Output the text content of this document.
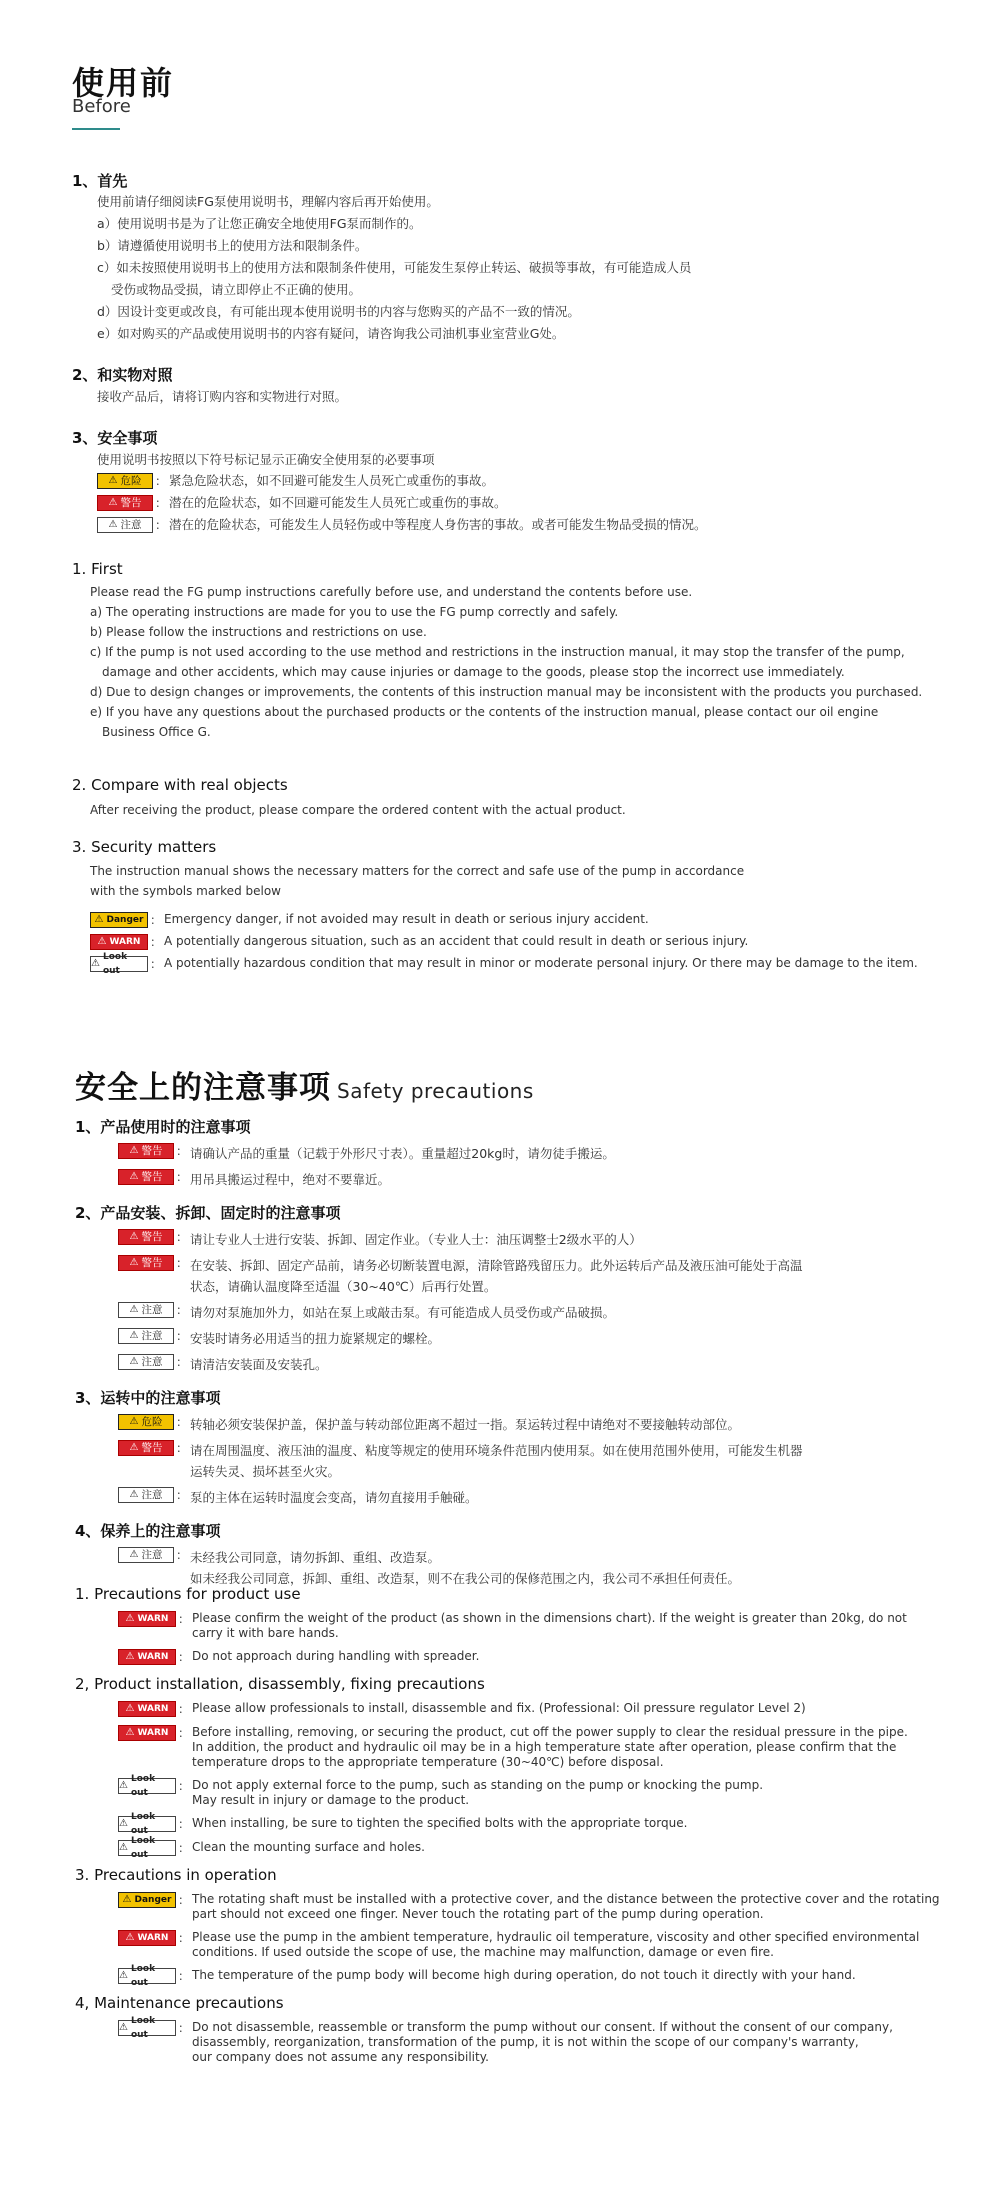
使用前
Before
1、首先
使用前请仔细阅读FG泵使用说明书，理解内容后再开始使用。
a）使用说明书是为了让您正确安全地使用FG泵而制作的。
b）请遵循使用说明书上的使用方法和限制条件。
c）如未按照使用说明书上的使用方法和限制条件使用，可能发生泵停止转运、破损等事故，有可能造成人员
受伤或物品受损，请立即停止不正确的使用。
d）因设计变更或改良，有可能出现本使用说明书的内容与您购买的产品不一致的情况。
e）如对购买的产品或使用说明书的内容有疑问，请咨询我公司油机事业室营业G处。
2、和实物对照
接收产品后，请将订购内容和实物进行对照。
3、安全事项
使用说明书按照以下符号标记显示正确安全使用泵的必要事项
⚠ 危险 ： 紧急危险状态，如不回避可能发生人员死亡或重伤的事故。
⚠ 警告 ： 潜在的危险状态，如不回避可能发生人员死亡或重伤的事故。
⚠ 注意 ： 潜在的危险状态，可能发生人员轻伤或中等程度人身伤害的事故。或者可能发生物品受损的情况。
1. First
Please read the FG pump instructions carefully before use, and understand the contents before use.
a) The operating instructions are made for you to use the FG pump correctly and safely.
b) Please follow the instructions and restrictions on use.
c) If the pump is not used according to the use method and restrictions in the instruction manual, it may stop the transfer of the pump,
damage and other accidents, which may cause injuries or damage to the goods, please stop the incorrect use immediately.
d) Due to design changes or improvements, the contents of this instruction manual may be inconsistent with the products you purchased.
e) If you have any questions about the purchased products or the contents of the instruction manual, please contact our oil engine
Business Office G.
2. Compare with real objects
After receiving the product, please compare the ordered content with the actual product.
3. Security matters
The instruction manual shows the necessary matters for the correct and safe use of the pump in accordance
with the symbols marked below
⚠ Danger ： Emergency danger, if not avoided may result in death or serious injury accident.
⚠ WARN ： A potentially dangerous situation, such as an accident that could result in death or serious injury.
⚠
Look out	： A potentially hazardous condition that may result in minor or moderate personal injury. Or there may be damage to the item.
安全上的注意事项 Safety precautions
1、产品使用时的注意事项
⚠ 警告 ： 请确认产品的重量（记载于外形尺寸表）。重量超过20kg时，请勿徒手搬运。
⚠ 警告 ： 用吊具搬运过程中，绝对不要靠近。
2、产品安装、拆卸、固定时的注意事项
⚠ 警告 ： 请让专业人士进行安装、拆卸、固定作业。（专业人士：油压调整士2级水平的人）
⚠ 警告 ： 在安装、拆卸、固定产品前，请务必切断装置电源，清除管路残留压力。此外运转后产品及液压油可能处于高温
状态，请确认温度降至适温（30~40℃）后再行处置。
⚠ 注意 ： 请勿对泵施加外力，如站在泵上或敲击泵。有可能造成人员受伤或产品破损。
⚠ 注意 ： 安装时请务必用适当的扭力旋紧规定的螺栓。
⚠ 注意 ： 请清洁安装面及安装孔。
3、运转中的注意事项
⚠ 危险 ： 转轴必须安装保护盖，保护盖与转动部位距离不超过一指。泵运转过程中请绝对不要接触转动部位。
⚠ 警告 ： 请在周围温度、液压油的温度、粘度等规定的使用环境条件范围内使用泵。如在使用范围外使用，可能发生机器
运转失灵、损坏甚至火灾。
⚠ 注意 ： 泵的主体在运转时温度会变高，请勿直接用手触碰。
4、保养上的注意事项
⚠ 注意 ： 未经我公司同意，请勿拆卸、重组、改造泵。
如未经我公司同意，拆卸、重组、改造泵，则不在我公司的保修范围之内，我公司不承担任何责任。
1. Precautions for product use
⚠ WARN ： Please confirm the weight of the product (as shown in the dimensions chart). If the weight is greater than 20kg, do not
carry it with bare hands.
⚠ WARN ： Do not approach during handling with spreader.
2, Product installation, disassembly, fixing precautions
⚠ WARN ： Please allow professionals to install, disassemble and fix. (Professional: Oil pressure regulator Level 2)
⚠ WARN ： Before installing, removing, or securing the product, cut off the power supply to clear the residual pressure in the pipe.
In addition, the product and hydraulic oil may be in a high temperature state after operation, please confirm that the
temperature drops to the appropriate temperature (30~40℃) before disposal.
⚠
Look out	： Do not apply external force to the pump, such as standing on the pump or knocking the pump.
May result in injury or damage to the product.
⚠
Look out	： When installing, be sure to tighten the specified bolts with the appropriate torque.
⚠
Look out	： Clean the mounting surface and holes.
3. Precautions in operation
⚠ Danger ： The rotating shaft must be installed with a protective cover, and the distance between the protective cover and the rotating
part should not exceed one finger. Never touch the rotating part of the pump during operation.
⚠ WARN ： Please use the pump in the ambient temperature, hydraulic oil temperature, viscosity and other specified environmental
conditions. If used outside the scope of use, the machine may malfunction, damage or even fire.
⚠
Look out	： The temperature of the pump body will become high during operation, do not touch it directly with your hand.
4, Maintenance precautions
⚠
Look out	： Do not disassemble, reassemble or transform the pump without our consent. If without the consent of our company,
disassembly, reorganization, transformation of the pump, it is not within the scope of our company's warranty,
our company does not assume any responsibility.
